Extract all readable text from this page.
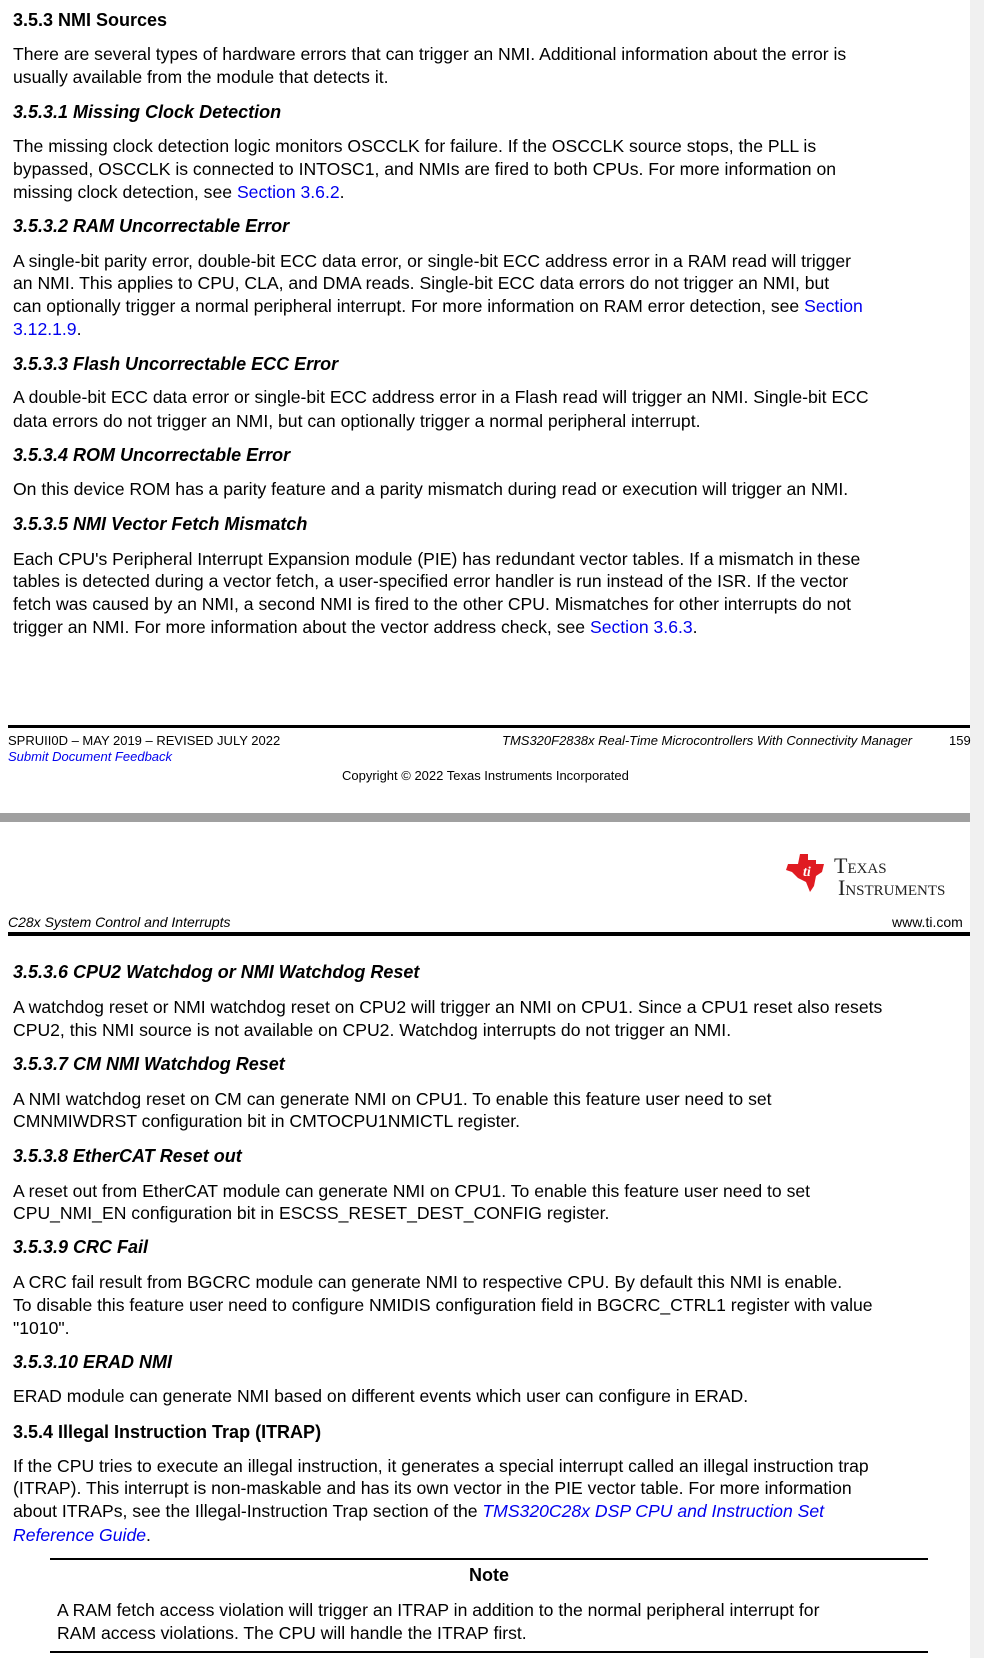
3.5.3 NMI Sources
There are several types of hardware errors that can trigger an NMI. Additional information about the error is
usually available from the module that detects it.
3.5.3.1 Missing Clock Detection
The missing clock detection logic monitors OSCCLK for failure. If the OSCCLK source stops, the PLL is
bypassed, OSCCLK is connected to INTOSC1, and NMIs are fired to both CPUs. For more information on
missing clock detection, see Section 3.6.2.
3.5.3.2 RAM Uncorrectable Error
A single-bit parity error, double-bit ECC data error, or single-bit ECC address error in a RAM read will trigger
an NMI. This applies to CPU, CLA, and DMA reads. Single-bit ECC data errors do not trigger an NMI, but
can optionally trigger a normal peripheral interrupt. For more information on RAM error detection, see Section
3.12.1.9.
3.5.3.3 Flash Uncorrectable ECC Error
A double-bit ECC data error or single-bit ECC address error in a Flash read will trigger an NMI. Single-bit ECC
data errors do not trigger an NMI, but can optionally trigger a normal peripheral interrupt.
3.5.3.4 ROM Uncorrectable Error
On this device ROM has a parity feature and a parity mismatch during read or execution will trigger an NMI.
3.5.3.5 NMI Vector Fetch Mismatch
Each CPU's Peripheral Interrupt Expansion module (PIE) has redundant vector tables. If a mismatch in these
tables is detected during a vector fetch, a user-specified error handler is run instead of the ISR. If the vector
fetch was caused by an NMI, a second NMI is fired to the other CPU. Mismatches for other interrupts do not
trigger an NMI. For more information about the vector address check, see Section 3.6.3.
SPRUII0D – MAY 2019 – REVISED JULY 2022
Submit Document Feedback
TMS320F2838x Real-Time Microcontrollers With Connectivity Manager	159
Copyright © 2022 Texas Instruments Incorporated
ti Texas
Instruments
C28x System Control and Interrupts	www.ti.com
3.5.3.6 CPU2 Watchdog or NMI Watchdog Reset
A watchdog reset or NMI watchdog reset on CPU2 will trigger an NMI on CPU1. Since a CPU1 reset also resets
CPU2, this NMI source is not available on CPU2. Watchdog interrupts do not trigger an NMI.
3.5.3.7 CM NMI Watchdog Reset
A NMI watchdog reset on CM can generate NMI on CPU1. To enable this feature user need to set
CMNMIWDRST configuration bit in CMTOCPU1NMICTL register.
3.5.3.8 EtherCAT Reset out
A reset out from EtherCAT module can generate NMI on CPU1. To enable this feature user need to set
CPU_NMI_EN configuration bit in ESCSS_RESET_DEST_CONFIG register.
3.5.3.9 CRC Fail
A CRC fail result from BGCRC module can generate NMI to respective CPU. By default this NMI is enable.
To disable this feature user need to configure NMIDIS configuration field in BGCRC_CTRL1 register with value
"1010".
3.5.3.10 ERAD NMI
ERAD module can generate NMI based on different events which user can configure in ERAD.
3.5.4 Illegal Instruction Trap (ITRAP)
If the CPU tries to execute an illegal instruction, it generates a special interrupt called an illegal instruction trap
(ITRAP). This interrupt is non-maskable and has its own vector in the PIE vector table. For more information
about ITRAPs, see the Illegal-Instruction Trap section of the TMS320C28x DSP CPU and Instruction Set
Reference Guide.
Note
A RAM fetch access violation will trigger an ITRAP in addition to the normal peripheral interrupt for
RAM access violations. The CPU will handle the ITRAP first.
